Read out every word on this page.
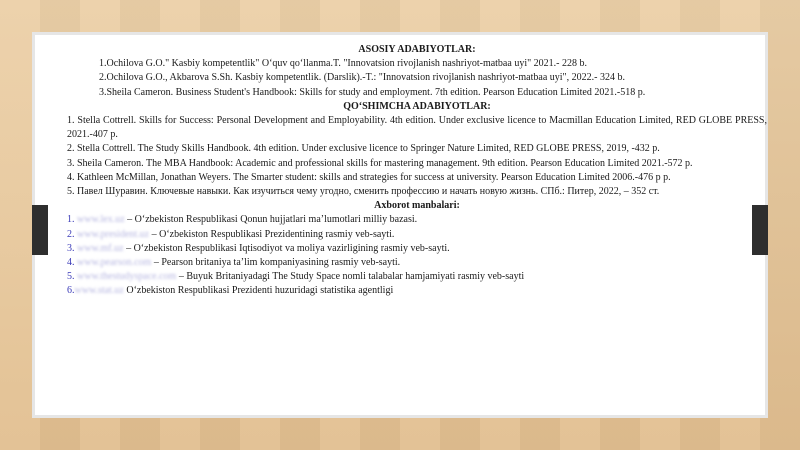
ASOSIY ADABIYOTLAR:

1.Ochilova G.O." Kasbiy kompetentlik" O‘quv qo‘llanma.T. "Innovatsion rivojlanish nashriyot-matbaa uyi" 2021.- 228 b.

2.Ochilova G.O., Akbarova S.Sh. Kasbiy kompetentlik. (Darslik).-T.: "Innovatsion rivojlanish nashriyot-matbaa uyi", 2022.- 324 b.

3.Sheila Cameron. Business Student's Handbook: Skills for study and employment. 7th edition. Pearson Education Limited 2021.-518 p.

QO‘SHIMCHA ADABIYOTLAR:

1. Stella Cottrell. Skills for Success: Personal Development and Employability. 4th edition. Under exclusive licence to Macmillan Education Limited, RED GLOBE PRESS, 2021.-407 p.

2. Stella Cottrell. The Study Skills Handbook. 4th edition. Under exclusive licence to Springer Nature Limited, RED GLOBE PRESS, 2019, -432 p.

3. Sheila Cameron. The MBA Handbook: Academic and professional skills for mastering management. 9th edition. Pearson Education Limited 2021.-572 p.

4. Kathleen McMillan, Jonathan Weyers. The Smarter student: skills and strategies for success at university. Pearson Education Limited 2006.-476 p p.

5. Павел Шуравин. Ключевые навыки. Как изучиться чему угодно, сменить профессию и начать новую жизнь. СПб.: Питер, 2022, – 352 ст.

Axborot manbalari:

1. www.lex.uz – O‘zbekiston Respublikasi Qonun hujjatlari ma’lumotlari milliy bazasi.

2. www.president.uz – O‘zbekiston Respublikasi Prezidentining rasmiy veb-sayti.

3. www.mf.uz – O‘zbekiston Respublikasi Iqtisodiyot va moliya vazirligining rasmiy veb-sayti.

4. www.pearson.com – Pearson britaniya ta’lim kompaniyasining rasmiy veb-sayti.

5. www.thestudyspace.com – Buyuk Britaniyadagi The Study Space nomli talabalar hamjamiyati rasmiy veb-sayti

6.www.stat.uz O‘zbekiston Respublikasi Prezidenti huzuridagi statistika agentligi
